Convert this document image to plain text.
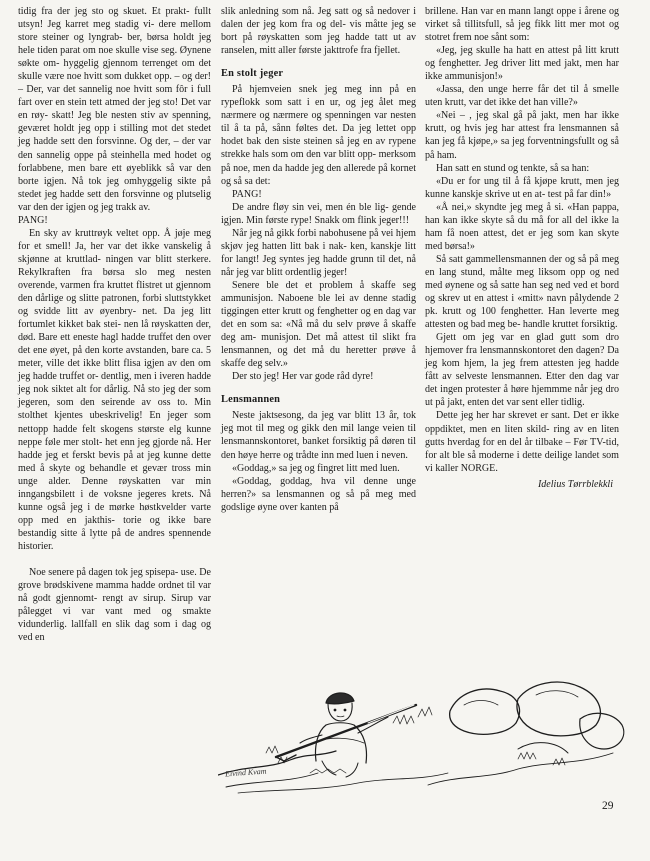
tidig fra der jeg sto og skuet. Et prakt- fullt utsyn! Jeg karret meg stadig vi- dere mellom store steiner og lyngrab- ber, børsa holdt jeg hele tiden parat om noe skulle vise seg. Øynene søkte om- hyggelig gjennom terrenget om det skulle være noe hvitt som dukket opp. – og der! – Der, var det sannelig noe hvitt som fôr i full fart over en stein tett atmed der jeg sto! Det var en røy- skatt! Jeg ble nesten stiv av spenning, geværet holdt jeg opp i stilling mot det stedet jeg hadde sett den forsvinne. Og der, – der var den sannelig oppe på steinhella med hodet og forlabbene, men bare ett øyeblikk så var den borte igjen. Nå tok jeg omhyggelig sikte på stedet jeg hadde sett den forsvinne og plutselig var den der igjen og jeg trakk av.

PANG!

En sky av kruttrøyk veltet opp. Å jøje meg for et smell! Ja, her var det ikke vanskelig å skjønne at kruttlad- ningen var blitt sterkere. Rekylkraften fra børsa slo meg nesten overende, varmen fra kruttet flistret ut gjennom den dårlige og slitte patronen, forbi sluttstykket og svidde litt av øyenbry- net. Da jeg litt fortumlet kikket bak stei- nen lå røyskatten der, død. Bare ett eneste hagl hadde truffet den over det ene øyet, på den korte avstanden, bare ca. 5 meter, ville det ikke blitt flisa igjen av den om jeg hadde truffet or- dentlig, men i iveren hadde jeg nok siktet alt for dårlig. Nå sto jeg der som jegeren, som den seirende av oss to. Min stolthet kjentes ubeskrivelig! En jeger som nettopp hadde felt skogens største elg kunne neppe føle mer stolt- het enn jeg gjorde nå. Her hadde jeg et ferskt bevis på at jeg kunne dette med å skyte og behandle et gevær tross min unge alder. Denne røyskatten var min inngangsbilett i de voksne jegeres krets. Nå kunne også jeg i de mørke høstkvelder varte opp med en jakthis- torie og ikke bare bestandig sitte å lytte på de andres spennende historier.

Noe senere på dagen tok jeg spisepa- use. De grove brødskivene mamma hadde ordnet til var nå godt gjennomt- rengt av sirup. Sirup var pålegget vi var vant med og smakte vidunderlig. lallfall en slik dag som i dag og ved en

slik anledning som nå. Jeg satt og så nedover i dalen der jeg kom fra og del- vis måtte jeg se bort på røyskatten som jeg hadde tatt ut av ranselen, mitt aller første jakttrofe fra fjellet.

En stolt jeger

På hjemveien snek jeg meg inn på en rypeflokk som satt i en ur, og jeg ålet meg nærmere og nærmere og spenningen var nesten til å ta på, sånn føltes det. Da jeg lettet opp hodet bak den siste steinen så jeg en av rypene strekke hals som om den var blitt opp- merksom på noe, men da hadde jeg den allerede på kornet og så sa det:

PANG!

De andre fløy sin vei, men én ble lig- gende igjen. Min første rype! Snakk om flink jeger!!!

Når jeg nå gikk forbi nabohusene på vei hjem skjøv jeg hatten litt bak i nak- ken, kanskje litt for langt! Jeg syntes jeg hadde grunn til det, nå når jeg var blitt ordentlig jeger!

Senere ble det et problem å skaffe seg ammunisjon. Naboene ble lei av denne stadig tiggingen etter krutt og fenghetter og en dag var det en som sa: «Nå må du selv prøve å skaffe deg am- munisjon. Det må attest til slikt fra lensmannen, og det må du heretter prøve å skaffe deg selv.»

Der sto jeg! Her var gode råd dyre!

Lensmannen

Neste jaktsesong, da jeg var blitt 13 år, tok jeg mot til meg og gikk den mil lange veien til lensmannskontoret, banket forsiktig på døren til den høye herre og trådte inn med luen i neven.

«Goddag,» sa jeg og fingret litt med luen.

«Goddag, goddag, hva vil denne unge herren?» sa lensmannen og så på meg med godslige øyne over kanten på

brillene. Han var en mann langt oppe i årene og virket så tillitsfull, så jeg fikk litt mer mot og stotret frem noe sånt som:

«Jeg, jeg skulle ha hatt en attest på litt krutt og fenghetter. Jeg driver litt med jakt, men har ikke ammunisjon!»

«Jassa, den unge herre får det til å smelle uten krutt, var det ikke det han ville?»

«Nei – , jeg skal gå på jakt, men har ikke krutt, og hvis jeg har attest fra lensmannen så kan jeg få kjøpe,» sa jeg forventningsfullt og så på ham.

Han satt en stund og tenkte, så sa han:

«Du er for ung til å få kjøpe krutt, men jeg kunne kanskje skrive ut en at- test på far din!»

«Å nei,» skyndte jeg meg å si. «Han pappa, han kan ikke skyte så du må for all del ikke la ham få noen attest, det er jeg som kan skyte med børsa!»

Så satt gammellensmannen der og så på meg en lang stund, målte meg liksom opp og ned med øynene og så satte han seg ned ved et bord og skrev ut en attest i «mitt» navn pålydende 2 pk. krutt og 100 fenghetter. Han leverte meg attesten og bad meg be- handle kruttet forsiktig.

Gjett om jeg var en glad gutt som dro hjemover fra lensmannskontoret den dagen? Da jeg kom hjem, la jeg frem attesten jeg hadde fått av selveste lensmannen. Etter den dag var det ingen protester å høre hjemmme når jeg dro ut på jakt, enten det var sent eller tidlig.

Dette jeg her har skrevet er sant. Det er ikke oppdiktet, men en liten skild- ring av en liten gutts hverdag for en del år tilbake – Før TV-tid, for alt ble så moderne i dette deilige landet som vi kaller NORGE.

Idelius Tørrblekkli
Eivind Kvam
29
